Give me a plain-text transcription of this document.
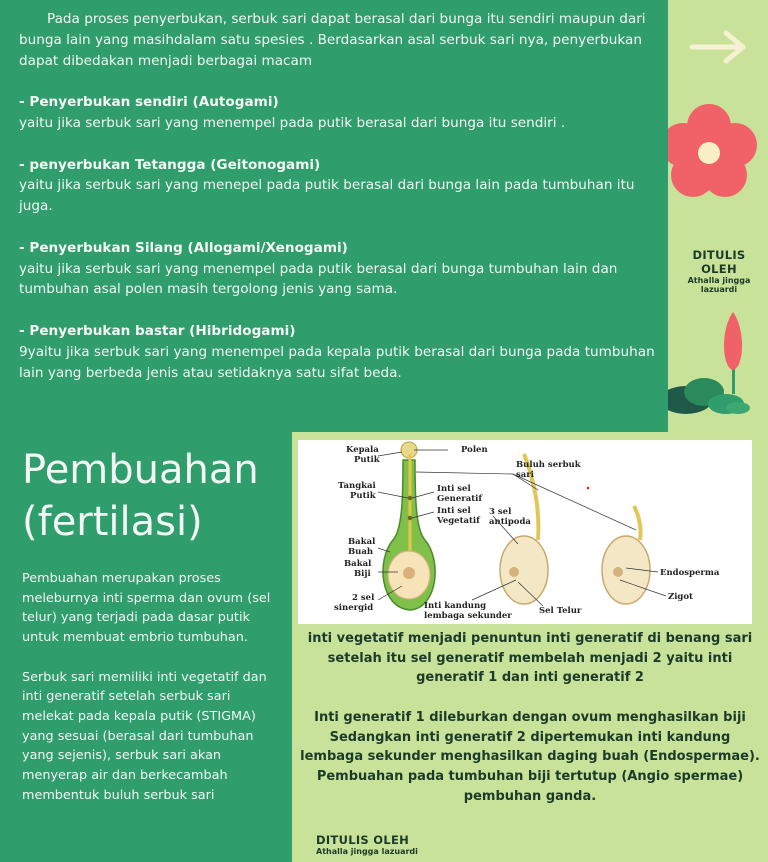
Pada proses penyerbukan, serbuk sari dapat berasal dari bunga itu sendiri maupun dari bunga lain yang masihdalam satu spesies . Berdasarkan asal serbuk sari nya, penyerbukan dapat dibedakan menjadi berbagai macam

- Penyerbukan sendiri (Autogami)

yaitu jika serbuk sari yang menempel pada putik berasal dari bunga itu sendiri .

- penyerbukan Tetangga (Geitonogami)

yaitu jika serbuk sari yang menepel pada putik berasal dari bunga lain pada tumbuhan itu juga.

- Penyerbukan Silang (Allogami/Xenogami)

yaitu jika serbuk sari yang menempel pada putik berasal dari bunga tumbuhan lain dan tumbuhan asal polen masih tergolong jenis yang sama.

- Penyerbukan bastar (Hibridogami)

9yaitu jika serbuk sari yang menempel pada kepala putik berasal dari bunga pada tumbuhan lain yang berbeda jenis atau setidaknya satu sifat beda.

DITULIS OLEH
Athalla jingga lazuardi
Pembuahan
(fertilasi)

Pembuahan merupakan proses meleburnya inti sperma dan ovum (sel telur) yang terjadi pada dasar putik untuk membuat embrio tumbuhan.

Serbuk sari memiliki inti vegetatif dan inti generatif setelah serbuk sari melekat pada kepala putik (STIGMA) yang sesuai (berasal dari tumbuhan yang sejenis), serbuk sari akan menyerap air dan berkecambah membentuk buluh serbuk sari

Kepala
Putik
Polen
Buluh serbuk
sari
Tangkai
Putik
Inti sel
Generatif
Inti sel
Vegetatif
3 sel
antipoda
Bakal
Buah
Bakal
Biji
2 sel
sinergid	Inti kandung
lembaga sekunder	Sel Telur
Endosperma
Zigot

inti vegetatif menjadi penuntun inti generatif di benang sari setelah itu sel generatif membelah menjadi 2 yaitu inti generatif 1 dan inti generatif 2

Inti generatif 1 dileburkan dengan ovum menghasilkan biji Sedangkan inti generatif 2 dipertemukan inti kandung lembaga sekunder menghasilkan daging buah (Endospermae).

Pembuahan pada tumbuhan biji tertutup (Angio spermae) pembuhan ganda.

DITULIS OLEH
Athalla jingga lazuardi
